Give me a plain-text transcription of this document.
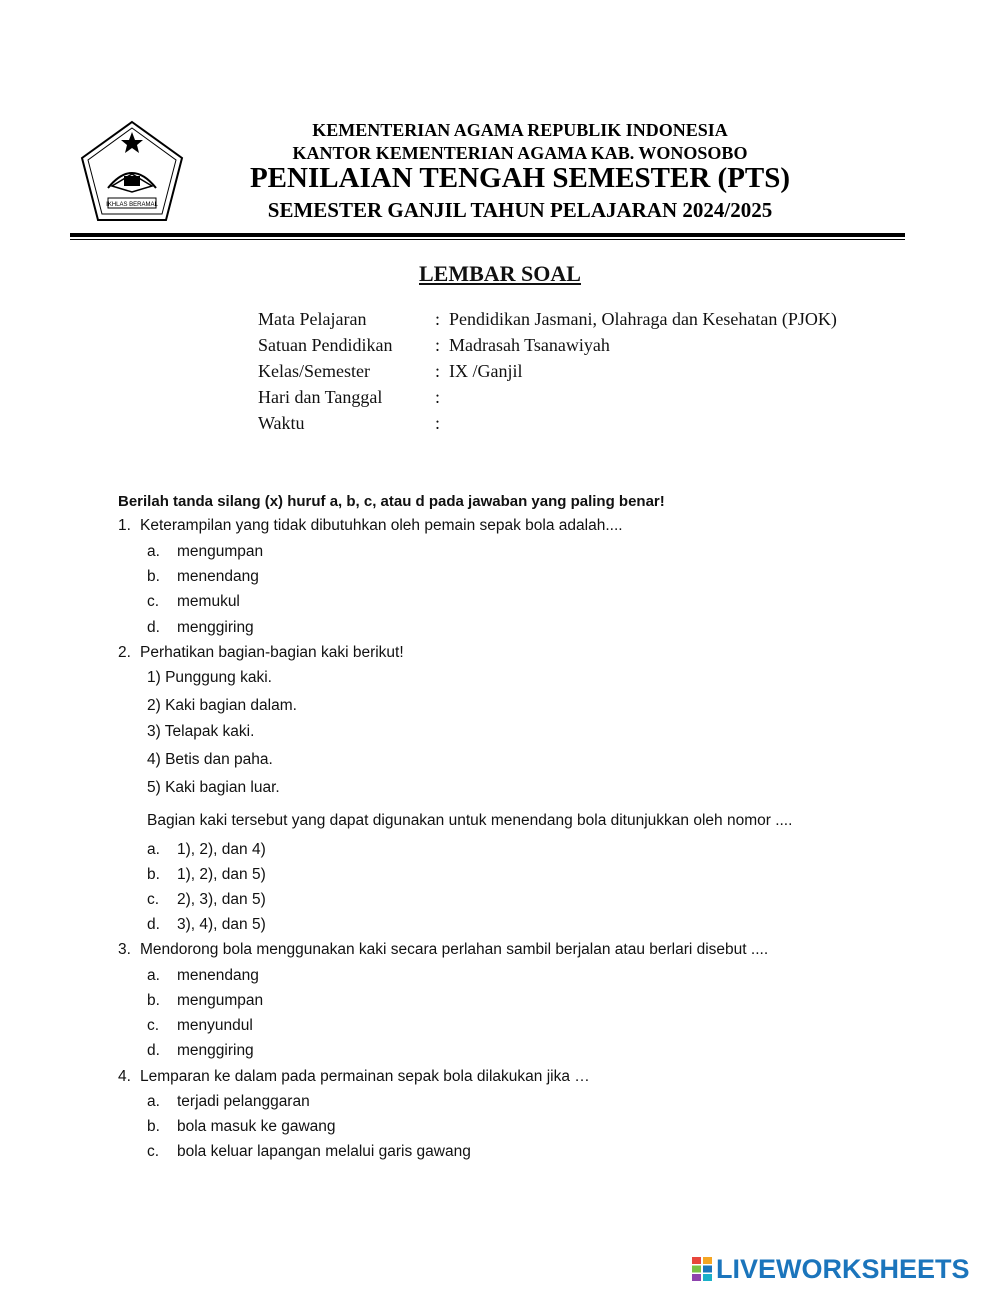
IKHLAS BERAMAL
KEMENTERIAN AGAMA REPUBLIK INDONESIA
KANTOR KEMENTERIAN AGAMA KAB. WONOSOBO
PENILAIAN TENGAH SEMESTER (PTS)
SEMESTER GANJIL TAHUN PELAJARAN 2024/2025
LEMBAR SOAL
Mata Pelajaran	: Pendidikan Jasmani, Olahraga dan Kesehatan (PJOK)
Satuan Pendidikan : Madrasah Tsanawiyah
Kelas/Semester	: IX /Ganjil
Hari dan Tanggal	:
Waktu	:
Berilah tanda silang (x) huruf a, b, c, atau d pada jawaban yang paling benar!
1. Keterampilan yang tidak dibutuhkan oleh pemain sepak bola adalah....
a. mengumpan
b. menendang
c. memukul
d. menggiring
2. Perhatikan bagian-bagian kaki berikut!
1) Punggung kaki.
2) Kaki bagian dalam.
3) Telapak kaki.
4) Betis dan paha.
5) Kaki bagian luar.
Bagian kaki tersebut yang dapat digunakan untuk menendang bola ditunjukkan oleh nomor ....
a. 1), 2), dan 4)
b. 1), 2), dan 5)
c. 2), 3), dan 5)
d. 3), 4), dan 5)
3. Mendorong bola menggunakan kaki secara perlahan sambil berjalan atau berlari disebut ....
a. menendang
b. mengumpan
c. menyundul
d. menggiring
4. Lemparan ke dalam pada permainan sepak bola dilakukan jika …
a. terjadi pelanggaran
b. bola masuk ke gawang
c. bola keluar lapangan melalui garis gawang
LIVEWORKSHEETS
